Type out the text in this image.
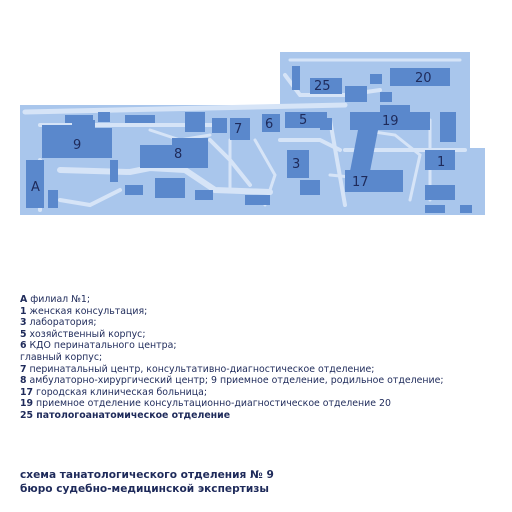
A
1
3
5
6
7
8
9
17
19
20
25
A филиал №1;
1 женская консультация;
3 лаборатория;
5 хозяйственный корпус;
6 КДО перинатального центра;
главный корпус;
7 перинатальный центр, консультативно-диагностическое отделение;
8 амбулаторно-хирургический центр; 9 приемное отделение, родильное отделение;
17 городская клиническая больница;
19 приемное отделение консультационно-диагностическое отделение 20
25 патологоанатомическое отделение
схема танатологического отделения № 9
бюро судебно-медицинской экспертизы
